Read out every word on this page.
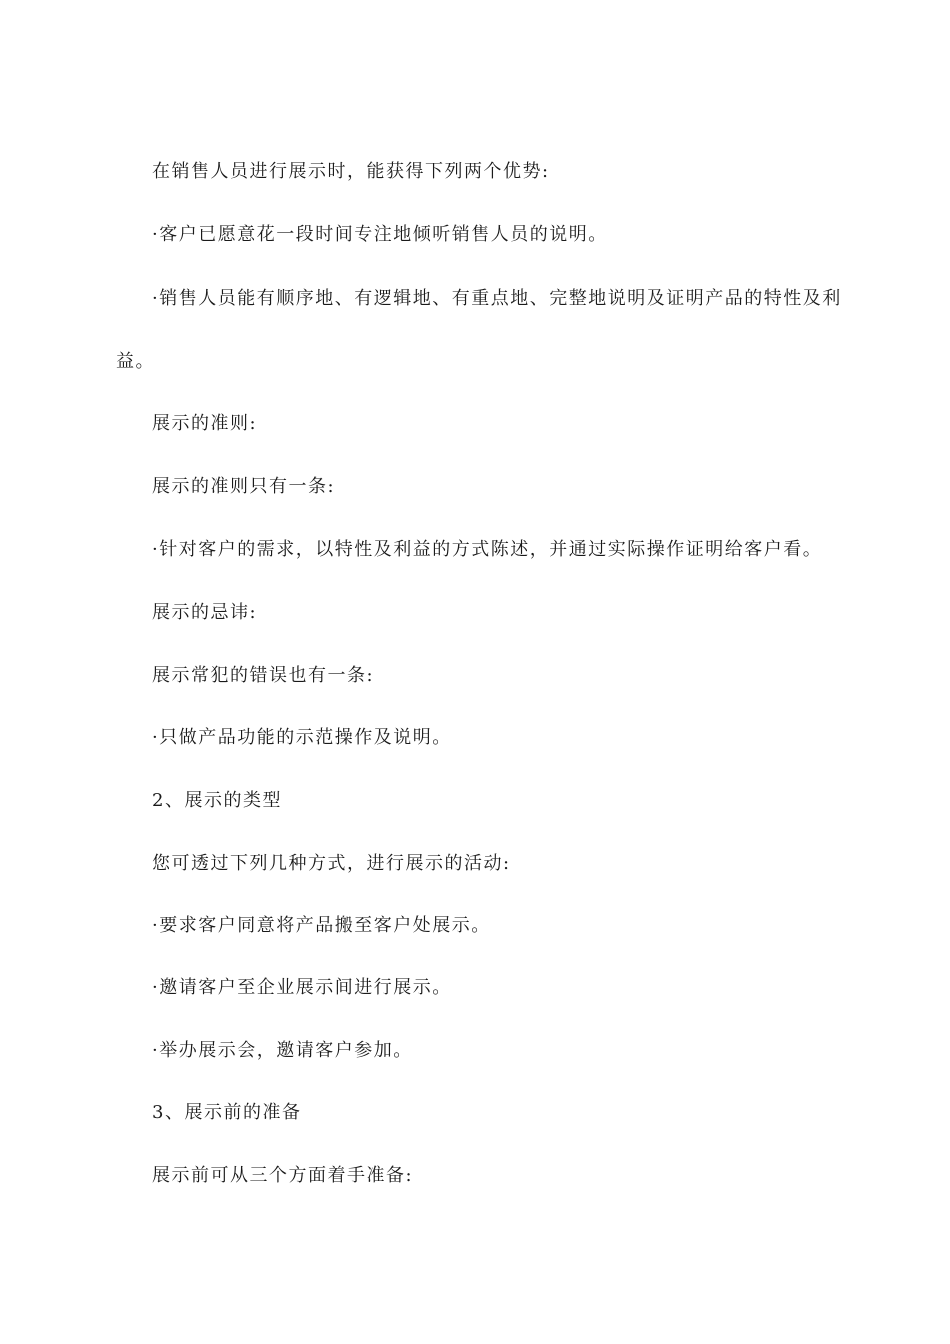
在销售人员进行展示时，能获得下列两个优势:

·客户已愿意花一段时间专注地倾听销售人员的说明。

·销售人员能有顺序地、有逻辑地、有重点地、完整地说明及证明产品的特性及利

益。

展示的准则:

展示的准则只有一条:

·针对客户的需求，以特性及利益的方式陈述，并通过实际操作证明给客户看。

展示的忌讳:

展示常犯的错误也有一条:

·只做产品功能的示范操作及说明。

2、展示的类型

您可透过下列几种方式，进行展示的活动:

·要求客户同意将产品搬至客户处展示。

·邀请客户至企业展示间进行展示。

·举办展示会，邀请客户参加。

3、展示前的准备

展示前可从三个方面着手准备:
